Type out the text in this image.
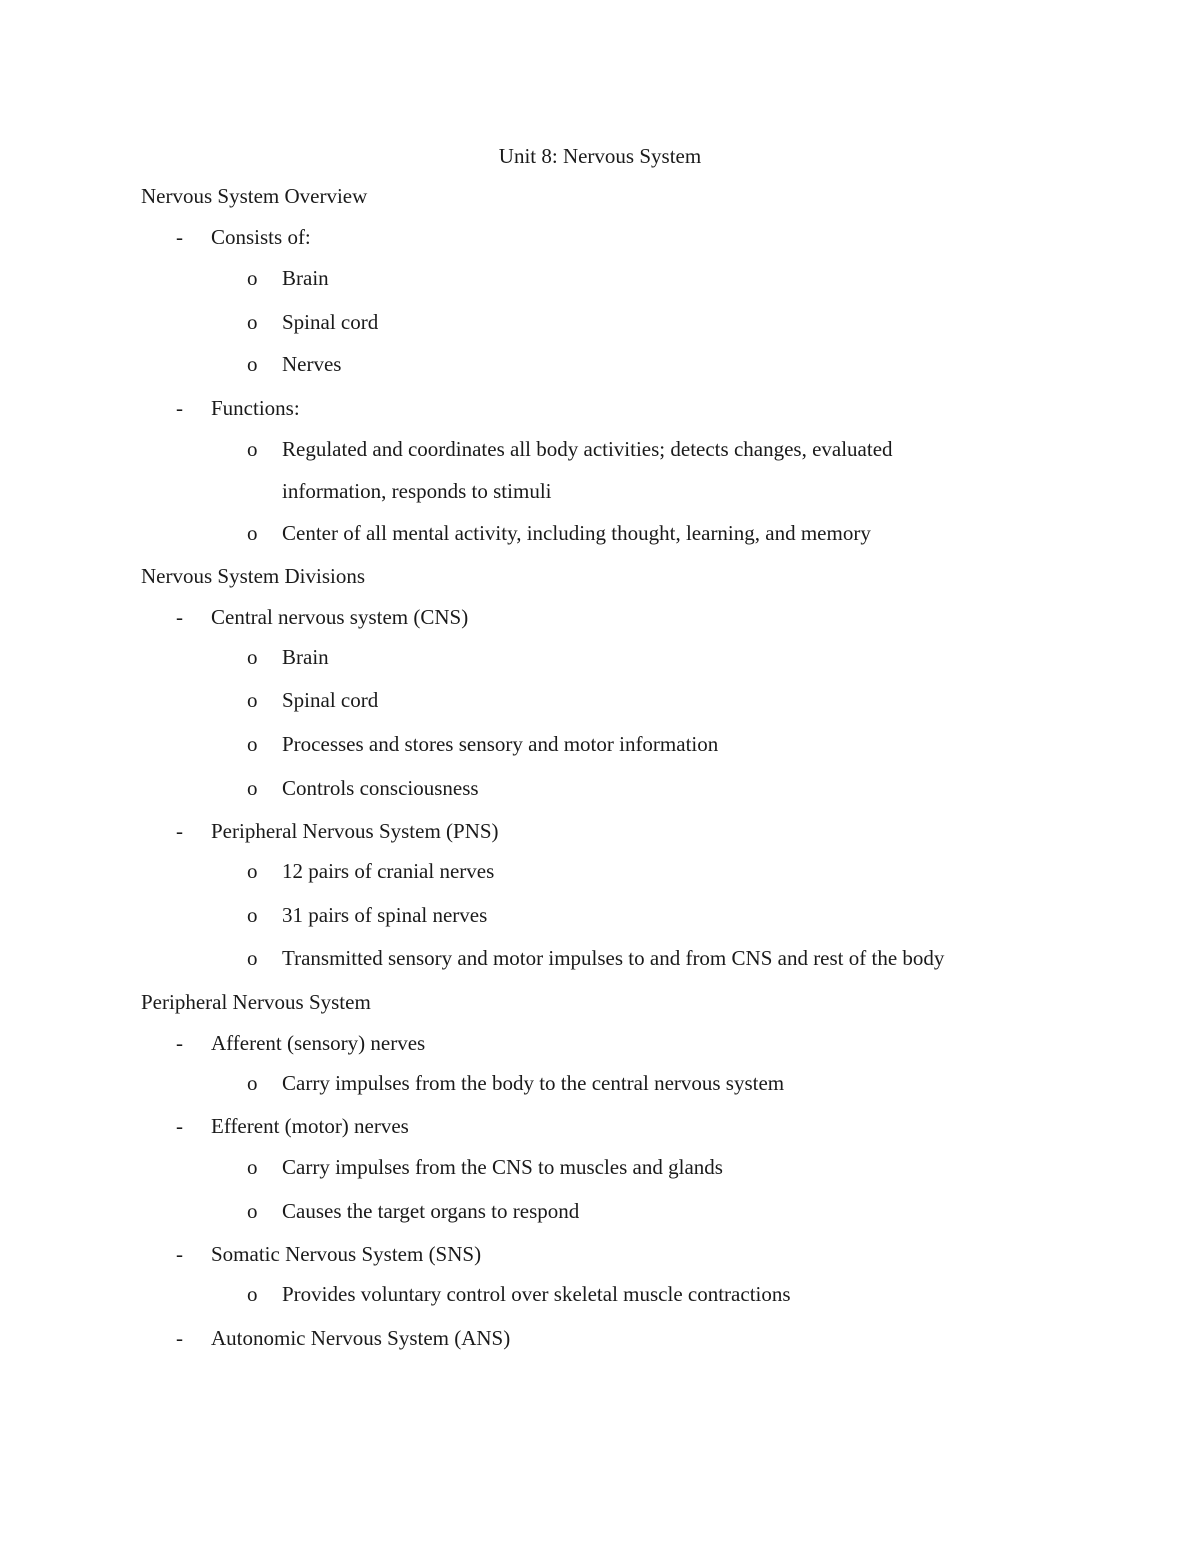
Unit 8: Nervous System
Nervous System Overview
-	Consists of:
o Brain
o Spinal cord
o Nerves
-	Functions:
o Regulated and coordinates all body activities; detects changes, evaluated
information, responds to stimuli
o Center of all mental activity, including thought, learning, and memory
Nervous System Divisions
-	Central nervous system (CNS)
o Brain
o Spinal cord
o Processes and stores sensory and motor information
o Controls consciousness
-	Peripheral Nervous System (PNS)
o 12 pairs of cranial nerves
o 31 pairs of spinal nerves
o Transmitted sensory and motor impulses to and from CNS and rest of the body
Peripheral Nervous System
-	Afferent (sensory) nerves
o Carry impulses from the body to the central nervous system
-	Efferent (motor) nerves
o Carry impulses from the CNS to muscles and glands
o Causes the target organs to respond
-	Somatic Nervous System (SNS)
o Provides voluntary control over skeletal muscle contractions
-	Autonomic Nervous System (ANS)
